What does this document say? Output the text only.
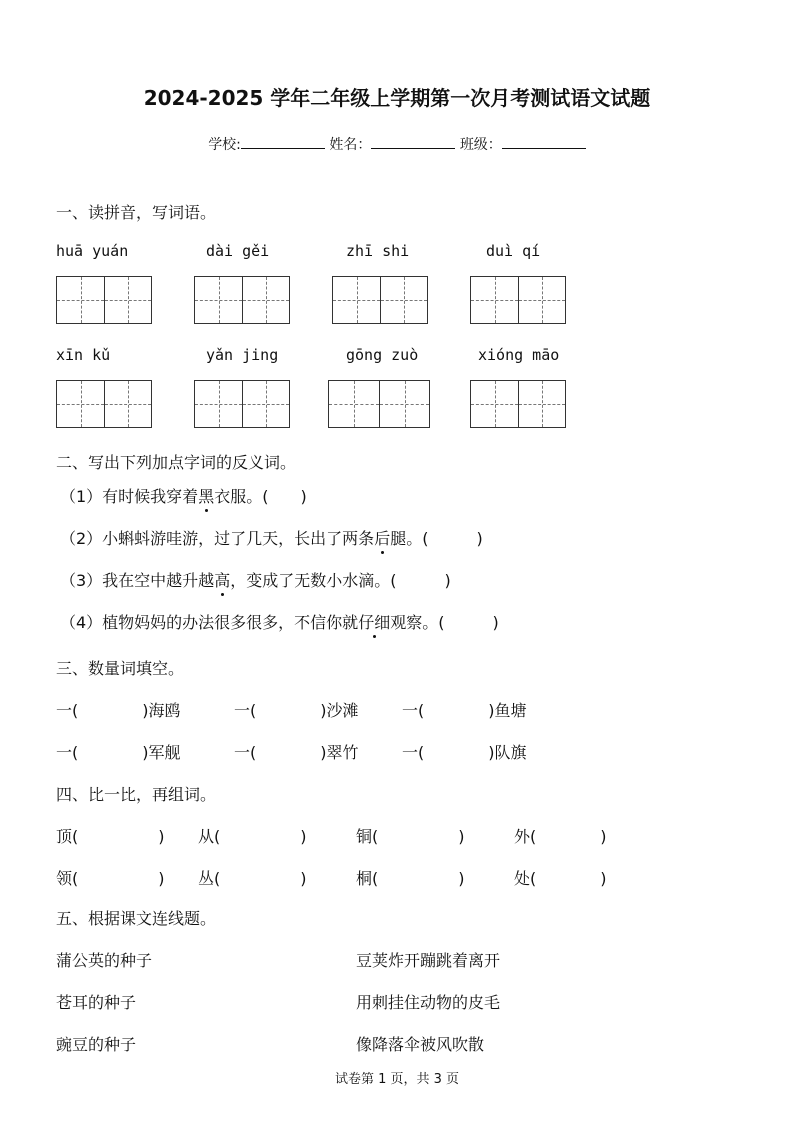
2024-2025 学年二年级上学期第一次月考测试语文试题
学校:	姓名：	班级：
一、读拼音，写词语。
huā yuán	dài gěi	zhī shi	duì qí
xīn kǔ	yǎn jing	gōng zuò	xióng māo
二、写出下列加点字词的反义词。
（1）有时候我穿着黑衣服。(　　)
（2）小蝌蚪游哇游，过了几天，长出了两条后腿。(　　　)
（3）我在空中越升越高，变成了无数小水滴。(　　　)
（4）植物妈妈的办法很多很多，不信你就仔细观察。(　　　)
三、数量词填空。
一(　　　　)海鸥	一(　　　　)沙滩	一(　　　　)鱼塘
一(　　　　)军舰	一(　　　　)翠竹	一(　　　　)队旗
四、比一比，再组词。
顶(　　　　　) 从(　　　　　)	铜(　　　　　)	外(　　　　)
领(　　　　　) 丛(　　　　　)	桐(　　　　　)	处(　　　　)
五、根据课文连线题。
蒲公英的种子	豆荚炸开蹦跳着离开
苍耳的种子	用刺挂住动物的皮毛
豌豆的种子	像降落伞被风吹散
试卷第 1 页，共 3 页
